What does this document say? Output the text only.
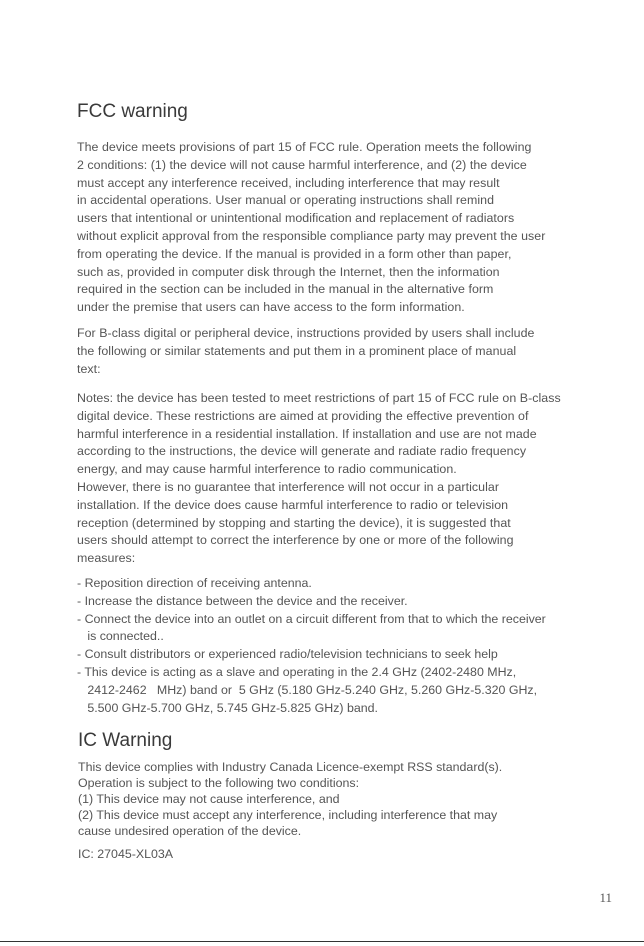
FCC warning
The device meets provisions of part 15 of FCC rule. Operation meets the following
2 conditions: (1) the device will not cause harmful interference, and (2) the device
must accept any interference received, including interference that may result
in accidental operations. User manual or operating instructions shall remind
users that intentional or unintentional modification and replacement of radiators
without explicit approval from the responsible compliance party may prevent the user
from operating the device. If the manual is provided in a form other than paper,
such as, provided in computer disk through the Internet, then the information
required in the section can be included in the manual in the alternative form
under the premise that users can have access to the form information.
For B-class digital or peripheral device, instructions provided by users shall include
the following or similar statements and put them in a prominent place of manual
text:
Notes: the device has been tested to meet restrictions of part 15 of FCC rule on B-class
digital device. These restrictions are aimed at providing the effective prevention of
harmful interference in a residential installation. If installation and use are not made
according to the instructions, the device will generate and radiate radio frequency
energy, and may cause harmful interference to radio communication.
However, there is no guarantee that interference will not occur in a particular
installation. If the device does cause harmful interference to radio or television
reception (determined by stopping and starting the device), it is suggested that
users should attempt to correct the interference by one or more of the following
measures:
- Reposition direction of receiving antenna.
- Increase the distance between the device and the receiver.
- Connect the device into an outlet on a circuit different from that to which the receiver
is connected..
- Consult distributors or experienced radio/television technicians to seek help
- This device is acting as a slave and operating in the 2.4 GHz (2402-2480 MHz,
2412-2462   MHz) band or  5 GHz (5.180 GHz-5.240 GHz, 5.260 GHz-5.320 GHz,
5.500 GHz-5.700 GHz, 5.745 GHz-5.825 GHz) band.
IC Warning
This device complies with Industry Canada Licence-exempt RSS standard(s).
Operation is subject to the following two conditions:
(1) This device may not cause interference, and
(2) This device must accept any interference, including interference that may
cause undesired operation of the device.
IC: 27045-XL03A
11
